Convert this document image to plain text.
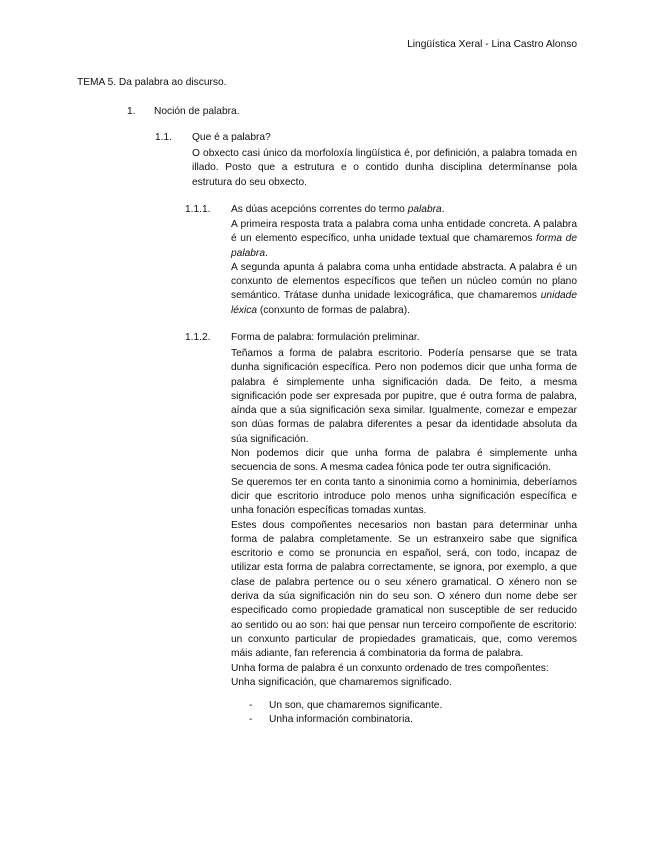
Lingüística Xeral - Lina Castro Alonso
TEMA 5. Da palabra ao discurso.
1. Noción de palabra.
1.1. Que é a palabra?
O obxecto casi único da morfoloxía lingüística é, por definición, a palabra tomada en illado. Posto que a estrutura e o contido dunha disciplina determínanse pola estrutura do seu obxecto.
1.1.1. As dúas acepcións correntes do termo palabra.
A primeira resposta trata a palabra coma unha entidade concreta. A palabra é un elemento específico, unha unidade textual que chamaremos forma de palabra.
A segunda apunta á palabra coma unha entidade abstracta. A palabra é un conxunto de elementos específicos que teñen un núcleo común no plano semántico. Trátase dunha unidade lexicográfica, que chamaremos unidade léxica (conxunto de formas de palabra).
1.1.2. Forma de palabra: formulación preliminar.
Teñamos a forma de palabra escritorio. Podería pensarse que se trata dunha significación específica. Pero non podemos dicir que unha forma de palabra é simplemente unha significación dada. De feito, a mesma significación pode ser expresada por pupitre, que é outra forma de palabra, aínda que a súa significación sexa similar. Igualmente, comezar e empezar son dúas formas de palabra diferentes a pesar da identidade absoluta da súa significación.
Non podemos dicir que unha forma de palabra é simplemente unha secuencia de sons. A mesma cadea fónica pode ter outra significación.
Se queremos ter en conta tanto a sinonimia como a hominimia, deberíamos dicir que escritorio introduce polo menos unha significación específica e unha fonación específicas tomadas xuntas.
Estes dous compoñentes necesarios non bastan para determinar unha forma de palabra completamente. Se un estranxeiro sabe que significa escritorio e como se pronuncia en español, será, con todo, incapaz de utilizar esta forma de palabra correctamente, se ignora, por exemplo, a que clase de palabra pertence ou o seu xénero gramatical. O xénero non se deriva da súa significación nin do seu son. O xénero dun nome debe ser especificado como propiedade gramatical non susceptible de ser reducido ao sentido ou ao son: hai que pensar nun terceiro compoñente de escritorio: un conxunto particular de propiedades gramaticais, que, como veremos máis adiante, fan referencia á combinatoria da forma de palabra.
Unha forma de palabra é un conxunto ordenado de tres compoñentes:
Unha significación, que chamaremos significado.
- Un son, que chamaremos significante.
- Unha información combinatoria.
